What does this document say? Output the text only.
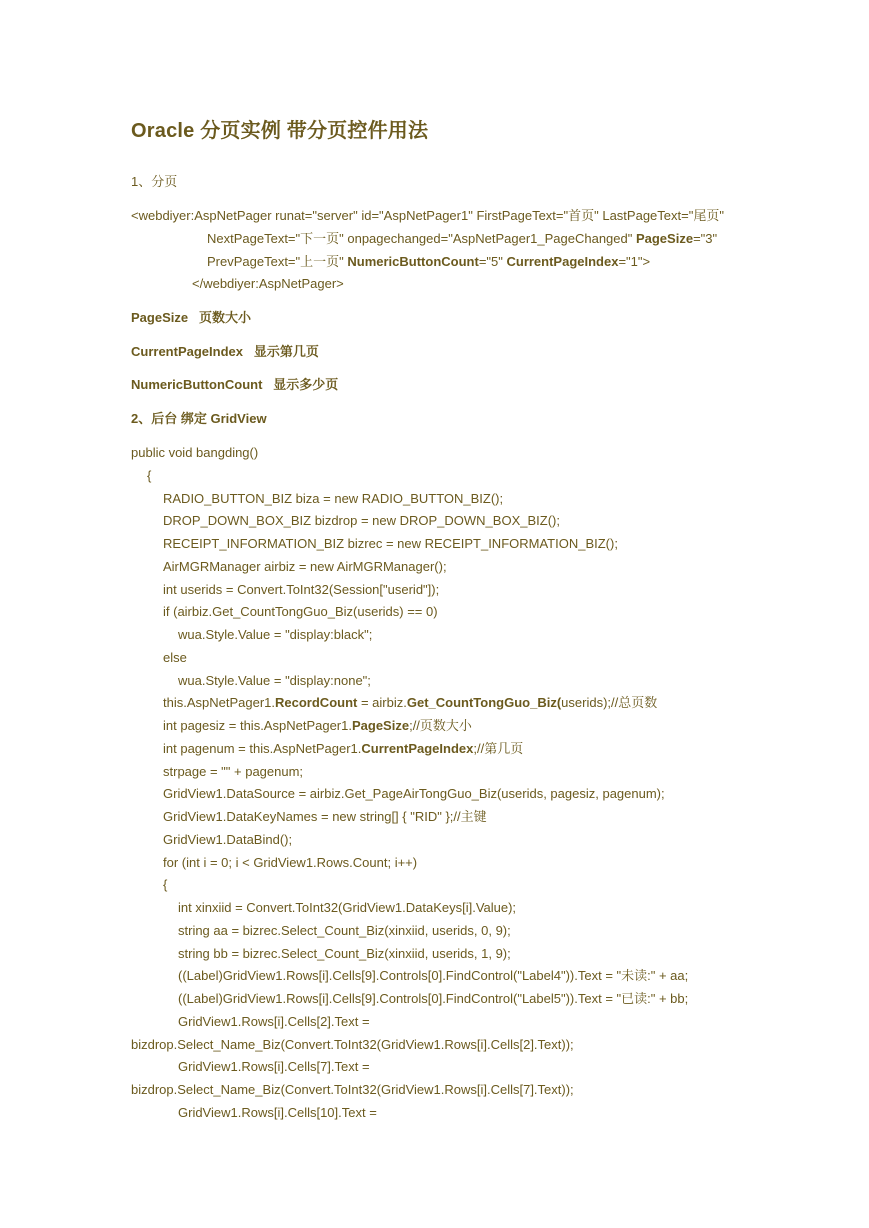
Oracle 分页实例 带分页控件用法
1、分页
<webdiyer:AspNetPager runat="server" id="AspNetPager1" FirstPageText="首页" LastPageText="尾页"
NextPageText="下一页" onpagechanged="AspNetPager1_PageChanged" PageSize="3"
PrevPageText="上一页" NumericButtonCount="5" CurrentPageIndex="1">
</webdiyer:AspNetPager>
PageSize 页数大小
CurrentPageIndex 显示第几页
NumericButtonCount 显示多少页
2、后台 绑定 GridView
public void bangding()
{
RADIO_BUTTON_BIZ biza = new RADIO_BUTTON_BIZ();
DROP_DOWN_BOX_BIZ bizdrop = new DROP_DOWN_BOX_BIZ();
RECEIPT_INFORMATION_BIZ bizrec = new RECEIPT_INFORMATION_BIZ();
AirMGRManager airbiz = new AirMGRManager();
int userids = Convert.ToInt32(Session["userid"]);
if (airbiz.Get_CountTongGuo_Biz(userids) == 0)
wua.Style.Value = "display:black";
else
wua.Style.Value = "display:none";
this.AspNetPager1.RecordCount = airbiz.Get_CountTongGuo_Biz(userids);//总页数
int pagesiz = this.AspNetPager1.PageSize;//页数大小
int pagenum = this.AspNetPager1.CurrentPageIndex;//第几页
strpage = "" + pagenum;
GridView1.DataSource = airbiz.Get_PageAirTongGuo_Biz(userids, pagesiz, pagenum);
GridView1.DataKeyNames = new string[] { "RID" };//主键
GridView1.DataBind();
for (int i = 0; i < GridView1.Rows.Count; i++)
{
int xinxiid = Convert.ToInt32(GridView1.DataKeys[i].Value);
string aa = bizrec.Select_Count_Biz(xinxiid, userids, 0, 9);
string bb = bizrec.Select_Count_Biz(xinxiid, userids, 1, 9);
((Label)GridView1.Rows[i].Cells[9].Controls[0].FindControl("Label4")).Text = "未读:" + aa;
((Label)GridView1.Rows[i].Cells[9].Controls[0].FindControl("Label5")).Text = "已读:" + bb;
GridView1.Rows[i].Cells[2].Text =
bizdrop.Select_Name_Biz(Convert.ToInt32(GridView1.Rows[i].Cells[2].Text));
GridView1.Rows[i].Cells[7].Text =
bizdrop.Select_Name_Biz(Convert.ToInt32(GridView1.Rows[i].Cells[7].Text));
GridView1.Rows[i].Cells[10].Text =
